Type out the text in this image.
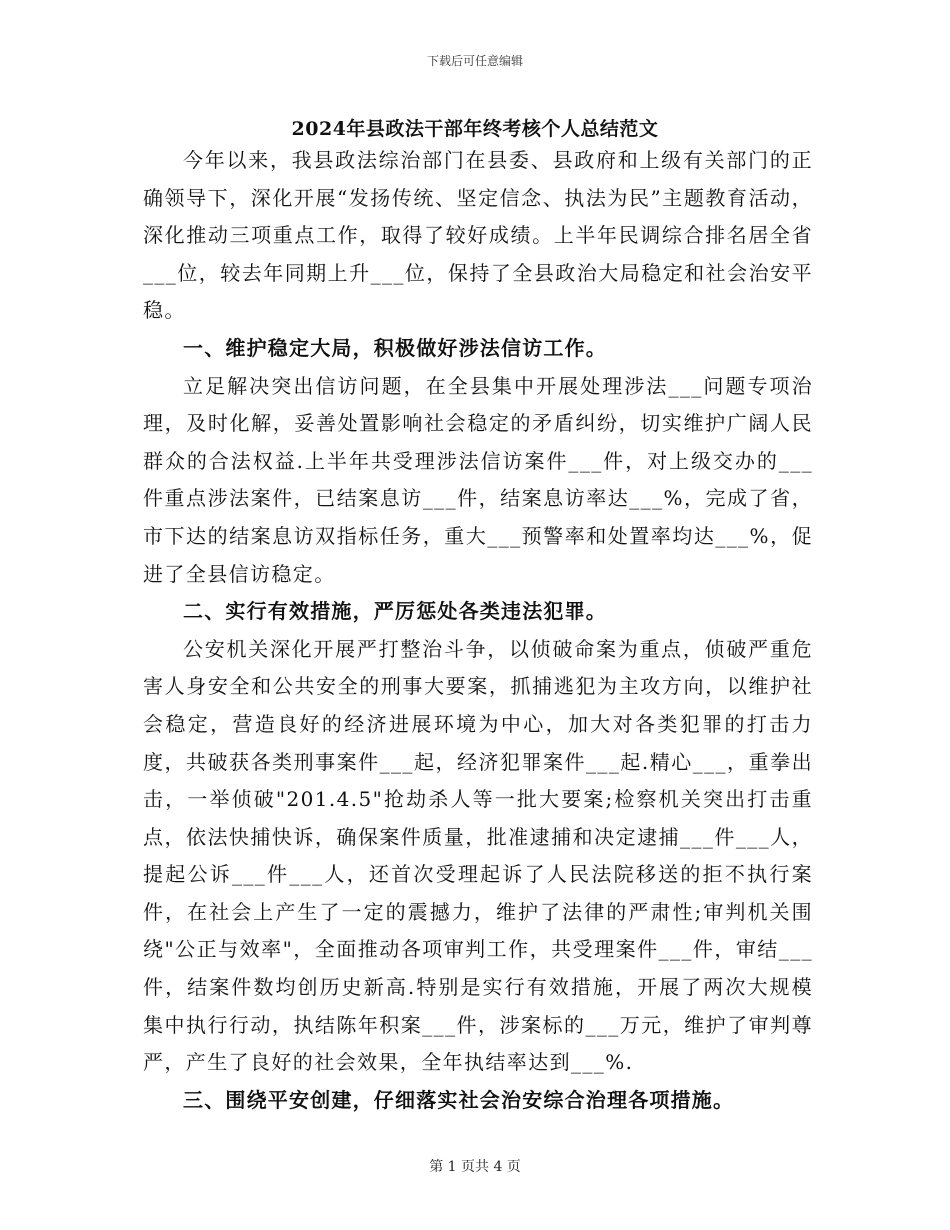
下载后可任意编辑
2024年县政法干部年终考核个人总结范文

今年以来，我县政法综治部门在县委、县政府和上级有关部门的正确领导下，深化开展“发扬传统、坚定信念、执法为民”主题教育活动，深化推动三项重点工作，取得了较好成绩。上半年民调综合排名居全省___位，较去年同期上升___位，保持了全县政治大局稳定和社会治安平稳。

一、维护稳定大局，积极做好涉法信访工作。

立足解决突出信访问题，在全县集中开展处理涉法___问题专项治理，及时化解，妥善处置影响社会稳定的矛盾纠纷，切实维护广阔人民群众的合法权益.上半年共受理涉法信访案件___件，对上级交办的___件重点涉法案件，已结案息访___件，结案息访率达___%，完成了省，市下达的结案息访双指标任务，重大___预警率和处置率均达___%，促进了全县信访稳定。

二、实行有效措施，严厉惩处各类违法犯罪。

公安机关深化开展严打整治斗争，以侦破命案为重点，侦破严重危害人身安全和公共安全的刑事大要案，抓捕逃犯为主攻方向，以维护社会稳定，营造良好的经济进展环境为中心，加大对各类犯罪的打击力度，共破获各类刑事案件___起，经济犯罪案件___起.精心___，重拳出击，一举侦破"201.4.5"抢劫杀人等一批大要案;检察机关突出打击重点，依法快捕快诉，确保案件质量，批准逮捕和决定逮捕___件___人，提起公诉___件___人，还首次受理起诉了人民法院移送的拒不执行案件，在社会上产生了一定的震撼力，维护了法律的严肃性;审判机关围绕"公正与效率"，全面推动各项审判工作，共受理案件___件，审结___件，结案件数均创历史新高.特别是实行有效措施，开展了两次大规模集中执行行动，执结陈年积案___件，涉案标的___万元，维护了审判尊严，产生了良好的社会效果，全年执结率达到___%.

三、围绕平安创建，仔细落实社会治安综合治理各项措施。

第 1 页共 4 页
